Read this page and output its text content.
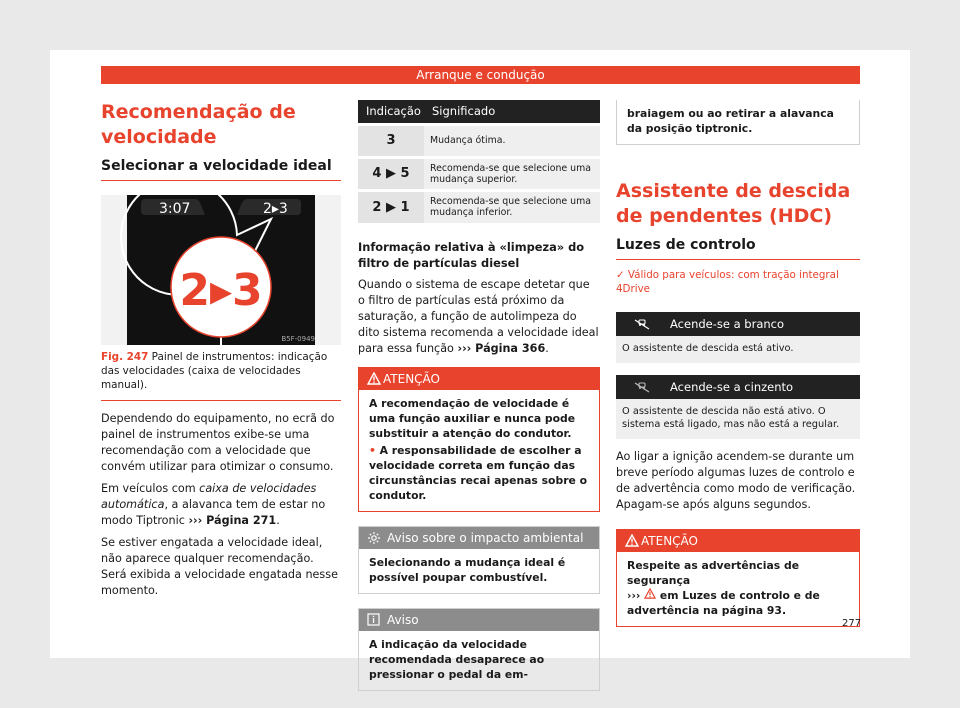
Arranque e condução
Recomendação de velocidade
Selecionar a velocidade ideal
3:07	2▸3
2▸3
B5F-0949
Fig. 247 Painel de instrumentos: indicação das velocidades (caixa de velocidades manual).

Dependendo do equipamento, no ecrã do painel de instrumentos exibe-se uma recomendação com a velocidade que convém utilizar para otimizar o consumo.

Em veículos com caixa de velocidades automática, a alavanca tem de estar no modo Tiptronic ››› Página 271.

Se estiver engatada a velocidade ideal, não aparece qualquer recomendação. Será exibida a velocidade engatada nesse momento.

Indicação	Significado
3	Mudança ótima.
4 ▶ 5	Recomenda-se que selecione uma mudança superior.
2 ▶ 1	Recomenda-se que selecione uma mudança inferior.
Informação relativa à «limpeza» do filtro de partículas diesel

Quando o sistema de escape detetar que o filtro de partículas está próximo da saturação, a função de autolimpeza do dito sistema recomenda a velocidade ideal para essa função ››› Página 366.

ATENÇÃO

A recomendação de velocidade é uma função auxiliar e nunca pode substituir a atenção do condutor.

• A responsabilidade de escolher a velocidade correta em função das circunstâncias recai apenas sobre o condutor.

Aviso sobre o impacto ambiental
Selecionando a mudança ideal é possível poupar combustível.
Aviso
A indicação da velocidade recomendada desaparece ao pressionar o pedal da em-
braiagem ou ao retirar a alavanca da posição tiptronic.
Assistente de descida de pendentes (HDC)
Luzes de controlo
✓ Válido para veículos: com tração integral 4Drive
Acende-se a branco
O assistente de descida está ativo.
Acende-se a cinzento
O assistente de descida não está ativo. O sistema está ligado, mas não está a regular.

Ao ligar a ignição acendem-se durante um breve período algumas luzes de controlo e de advertência como modo de verificação. Apagam-se após alguns segundos.

ATENÇÃO

Respeite as advertências de segurança

›››  em Luzes de controlo e de advertência na página 93.

277
